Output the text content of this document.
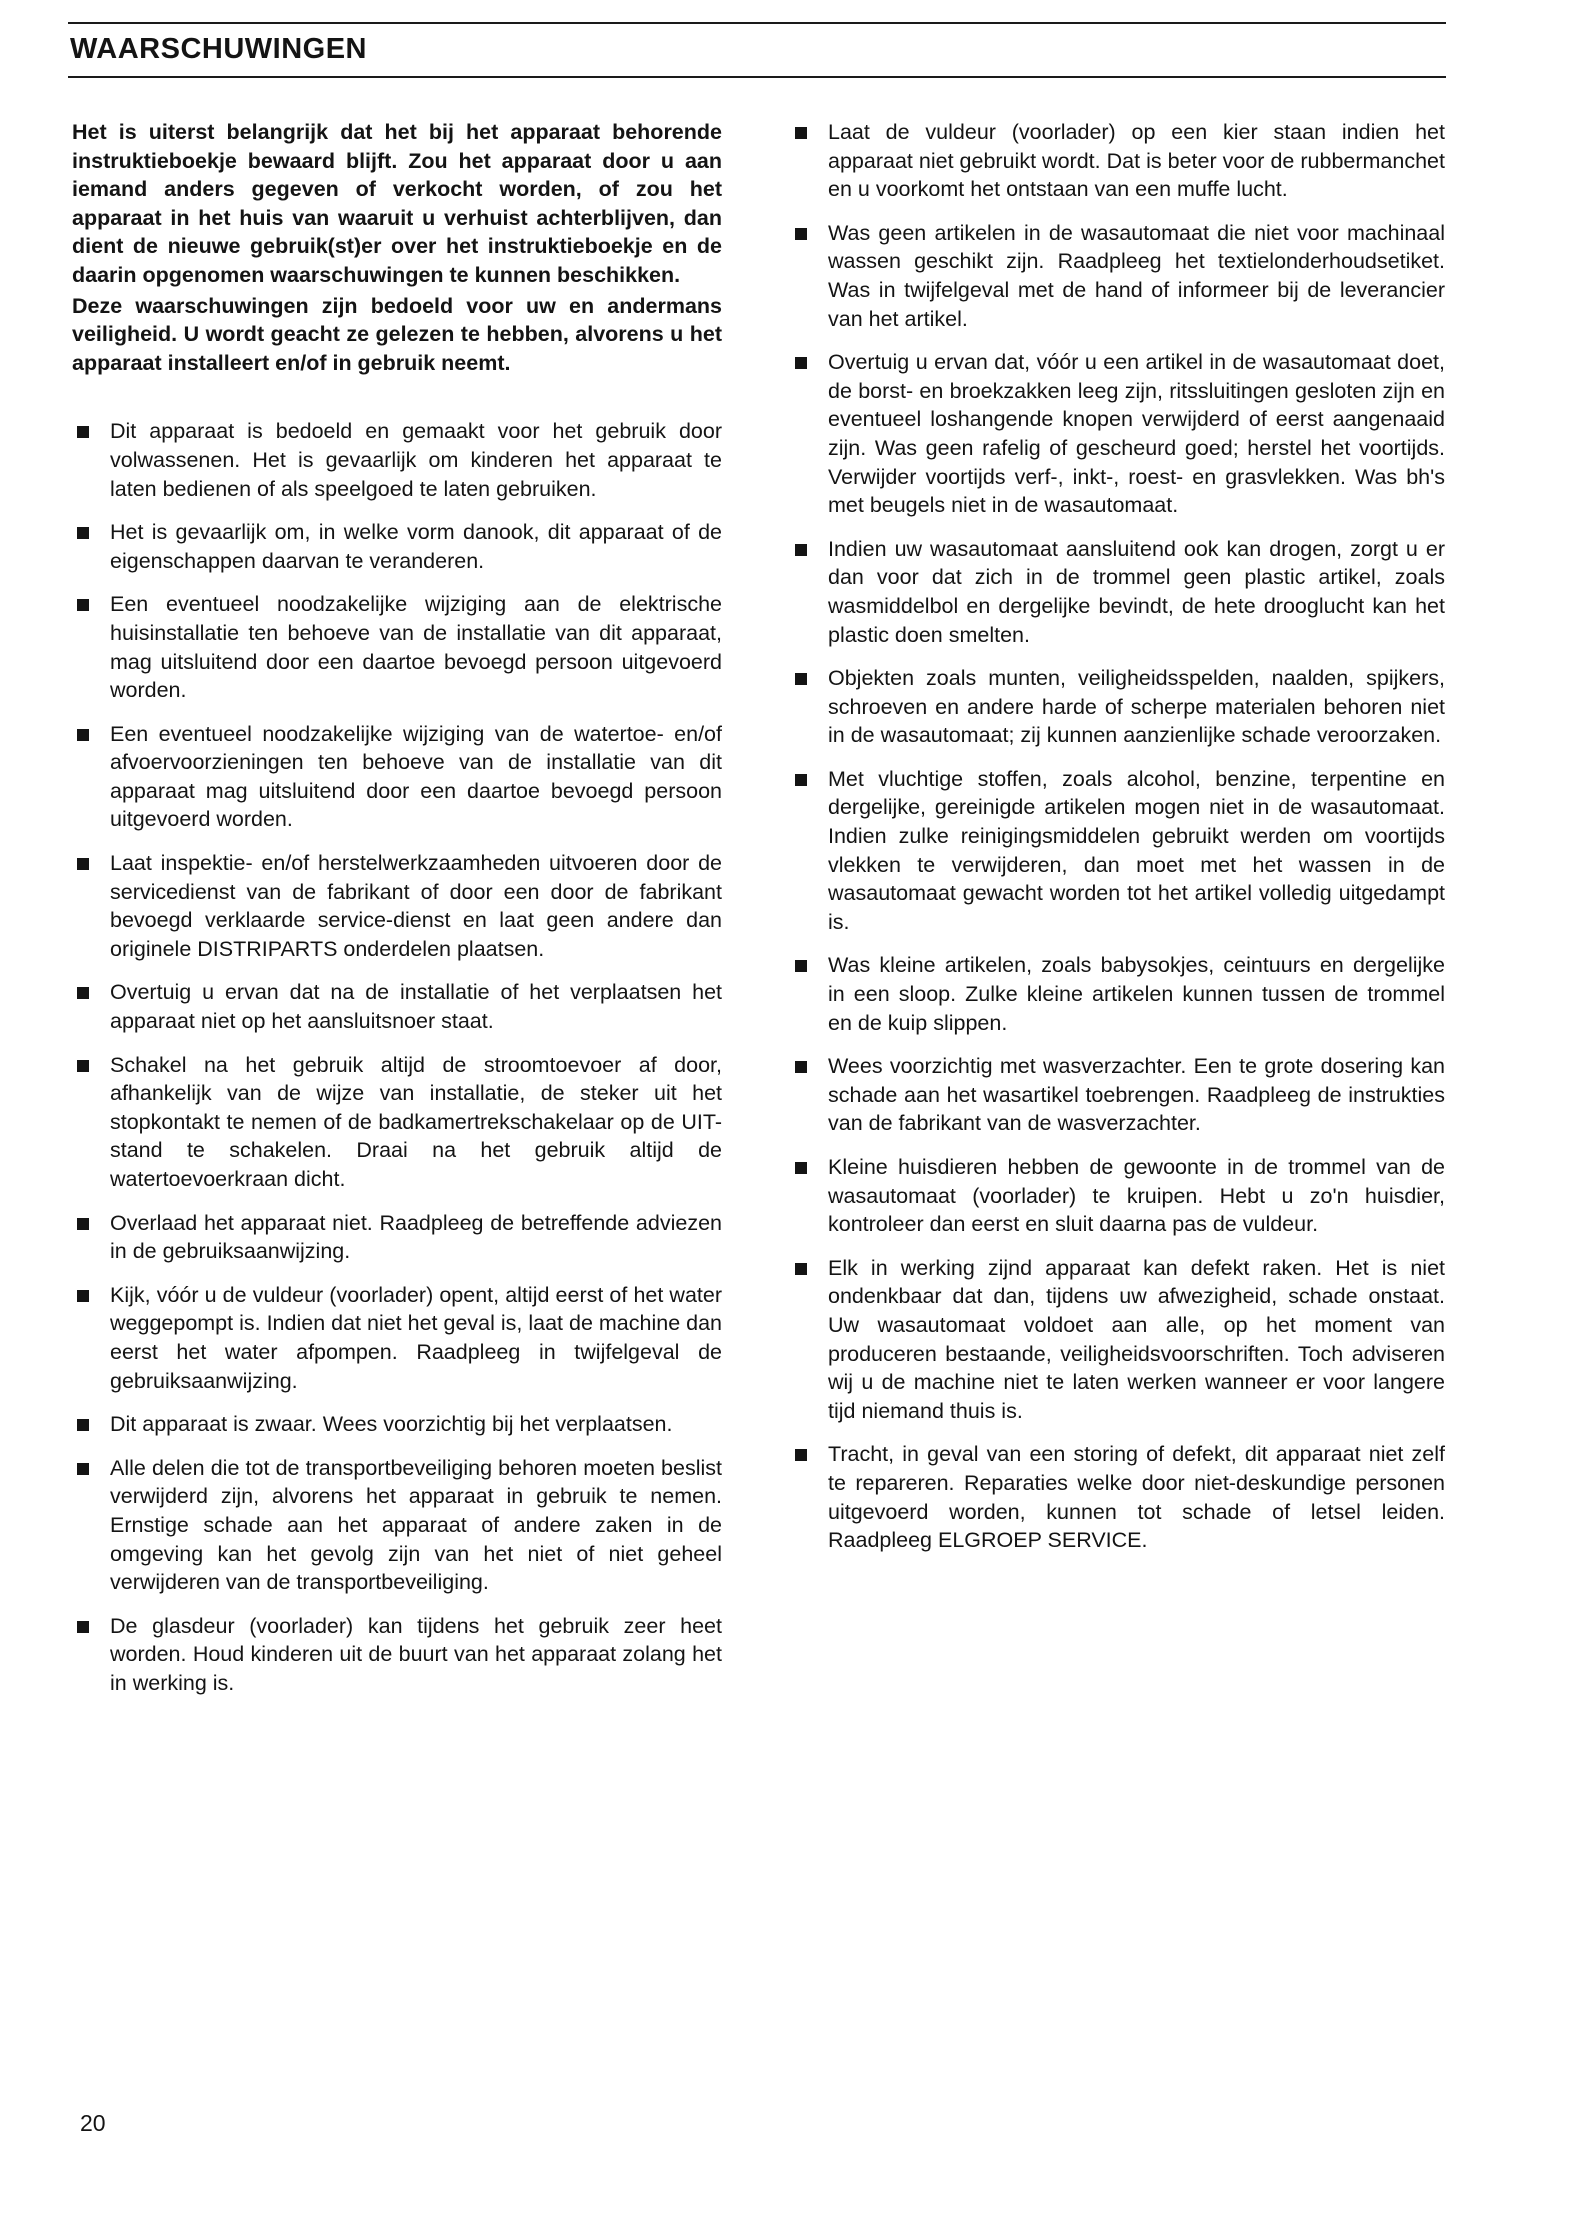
WAARSCHUWINGEN

Het is uiterst belangrijk dat het bij het apparaat behorende instruktieboekje bewaard blijft. Zou het apparaat door u aan iemand anders gegeven of verkocht worden, of zou het apparaat in het huis van waaruit u verhuist achterblijven, dan dient de nieuwe gebruik(st)er over het instruktieboekje en de daarin opgenomen waarschuwingen te kunnen beschikken.

Deze waarschuwingen zijn bedoeld voor uw en andermans veiligheid. U wordt geacht ze gelezen te hebben, alvorens u het apparaat installeert en/of in gebruik neemt.

Dit apparaat is bedoeld en gemaakt voor het gebruik door volwassenen. Het is gevaarlijk om kinderen het apparaat te laten bedienen of als speelgoed te laten gebruiken.
Het is gevaarlijk om, in welke vorm danook, dit apparaat of de eigenschappen daarvan te veranderen.
Een eventueel noodzakelijke wijziging aan de elektrische huisinstallatie ten behoeve van de installatie van dit apparaat, mag uitsluitend door een daartoe bevoegd persoon uitgevoerd worden.
Een eventueel noodzakelijke wijziging van de watertoe- en/of afvoervoorzieningen ten behoeve van de installatie van dit apparaat mag uitsluitend door een daartoe bevoegd persoon uitgevoerd worden.
Laat inspektie- en/of herstelwerkzaamheden uitvoeren door de servicedienst van de fabrikant of door een door de fabrikant bevoegd verklaarde service-dienst en laat geen andere dan originele DISTRIPARTS onderdelen plaatsen.
Overtuig u ervan dat na de installatie of het verplaatsen het apparaat niet op het aansluitsnoer staat.
Schakel na het gebruik altijd de stroomtoevoer af door, afhankelijk van de wijze van installatie, de steker uit het stopkontakt te nemen of de badkamertrekschakelaar op de UIT-stand te schakelen. Draai na het gebruik altijd de watertoevoerkraan dicht.
Overlaad het apparaat niet. Raadpleeg de betreffende adviezen in de gebruiksaanwijzing.
Kijk, vóór u de vuldeur (voorlader) opent, altijd eerst of het water weggepompt is. Indien dat niet het geval is, laat de machine dan eerst het water afpompen. Raadpleeg in twijfelgeval de gebruiksaanwijzing.
Dit apparaat is zwaar. Wees voorzichtig bij het verplaatsen.
Alle delen die tot de transportbeveiliging behoren moeten beslist verwijderd zijn, alvorens het apparaat in gebruik te nemen. Ernstige schade aan het apparaat of andere zaken in de omgeving kan het gevolg zijn van het niet of niet geheel verwijderen van de transportbeveiliging.
De glasdeur (voorlader) kan tijdens het gebruik zeer heet worden. Houd kinderen uit de buurt van het apparaat zolang het in werking is.
Laat de vuldeur (voorlader) op een kier staan indien het apparaat niet gebruikt wordt. Dat is beter voor de rubbermanchet en u voorkomt het ontstaan van een muffe lucht.
Was geen artikelen in de wasautomaat die niet voor machinaal wassen geschikt zijn. Raadpleeg het textielonderhoudsetiket. Was in twijfelgeval met de hand of informeer bij de leverancier van het artikel.
Overtuig u ervan dat, vóór u een artikel in de wasautomaat doet, de borst- en broekzakken leeg zijn, ritssluitingen gesloten zijn en eventueel loshangende knopen verwijderd of eerst aangenaaid zijn. Was geen rafelig of gescheurd goed; herstel het voortijds. Verwijder voortijds verf-, inkt-, roest- en grasvlekken. Was bh's met beugels niet in de wasautomaat.
Indien uw wasautomaat aansluitend ook kan drogen, zorgt u er dan voor dat zich in de trommel geen plastic artikel, zoals wasmiddelbol en dergelijke bevindt, de hete drooglucht kan het plastic doen smelten.
Objekten zoals munten, veiligheidsspelden, naalden, spijkers, schroeven en andere harde of scherpe materialen behoren niet in de wasautomaat; zij kunnen aanzienlijke schade veroorzaken.
Met vluchtige stoffen, zoals alcohol, benzine, terpentine en dergelijke, gereinigde artikelen mogen niet in de wasautomaat. Indien zulke reinigingsmiddelen gebruikt werden om voortijds vlekken te verwijderen, dan moet met het wassen in de wasautomaat gewacht worden tot het artikel volledig uitgedampt is.
Was kleine artikelen, zoals babysokjes, ceintuurs en dergelijke in een sloop. Zulke kleine artikelen kunnen tussen de trommel en de kuip slippen.
Wees voorzichtig met wasverzachter. Een te grote dosering kan schade aan het wasartikel toebrengen. Raadpleeg de instrukties van de fabrikant van de wasverzachter.
Kleine huisdieren hebben de gewoonte in de trommel van de wasautomaat (voorlader) te kruipen. Hebt u zo'n huisdier, kontroleer dan eerst en sluit daarna pas de vuldeur.
Elk in werking zijnd apparaat kan defekt raken. Het is niet ondenkbaar dat dan, tijdens uw afwezigheid, schade onstaat. Uw wasautomaat voldoet aan alle, op het moment van produceren bestaande, veiligheidsvoorschriften. Toch adviseren wij u de machine niet te laten werken wanneer er voor langere tijd niemand thuis is.
Tracht, in geval van een storing of defekt, dit apparaat niet zelf te repareren. Reparaties welke door niet-deskundige personen uitgevoerd worden, kunnen tot schade of letsel leiden. Raadpleeg ELGROEP SERVICE.
20
